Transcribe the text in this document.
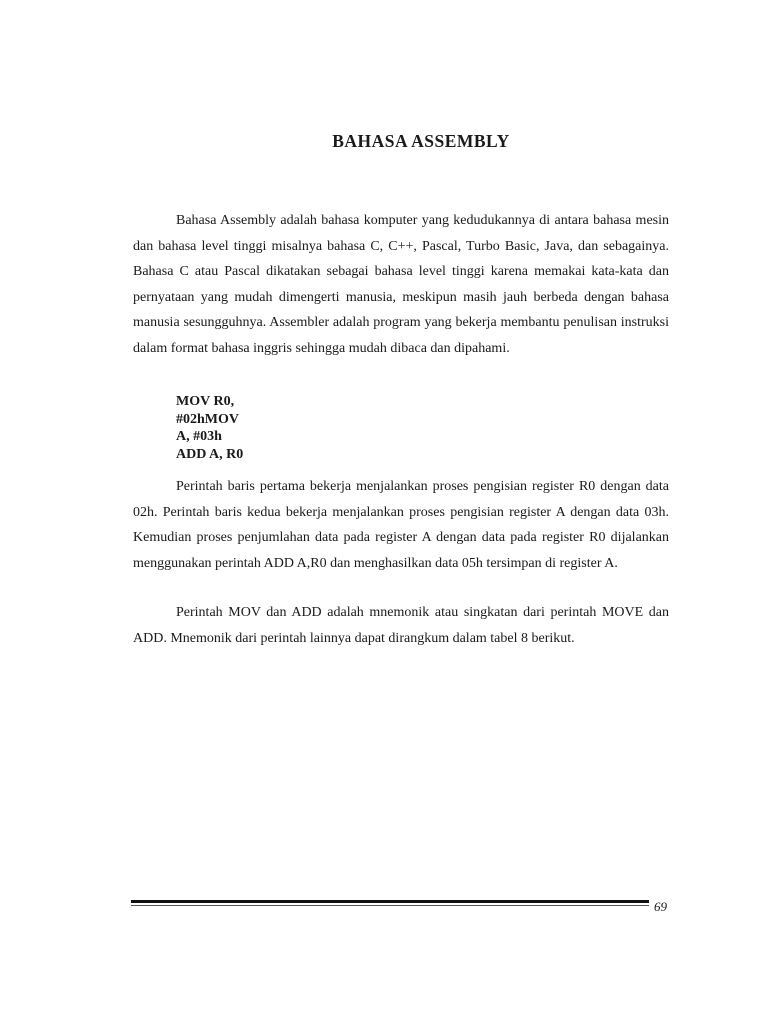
BAHASA ASSEMBLY

Bahasa Assembly adalah bahasa komputer yang kedudukannya di antara bahasa mesin dan bahasa level tinggi misalnya bahasa C, C++, Pascal, Turbo Basic, Java, dan sebagainya. Bahasa C atau Pascal dikatakan sebagai bahasa level tinggi karena memakai kata-kata dan pernyataan yang mudah dimengerti manusia, meskipun masih jauh berbeda dengan bahasa manusia sesungguhnya. Assembler adalah program yang bekerja membantu penulisan instruksi dalam format bahasa inggris sehingga mudah dibaca dan dipahami.

MOV R0,
#02hMOV
A, #03h
ADD A, R0

Perintah baris pertama bekerja menjalankan proses pengisian register R0 dengan data 02h. Perintah baris kedua bekerja menjalankan proses pengisian register A dengan data 03h. Kemudian proses penjumlahan data pada register A dengan data pada register R0 dijalankan menggunakan perintah ADD A,R0 dan menghasilkan data 05h tersimpan di register A.

Perintah MOV dan ADD adalah mnemonik atau singkatan dari perintah MOVE dan ADD. Mnemonik dari perintah lainnya dapat dirangkum dalam tabel 8 berikut.

69
